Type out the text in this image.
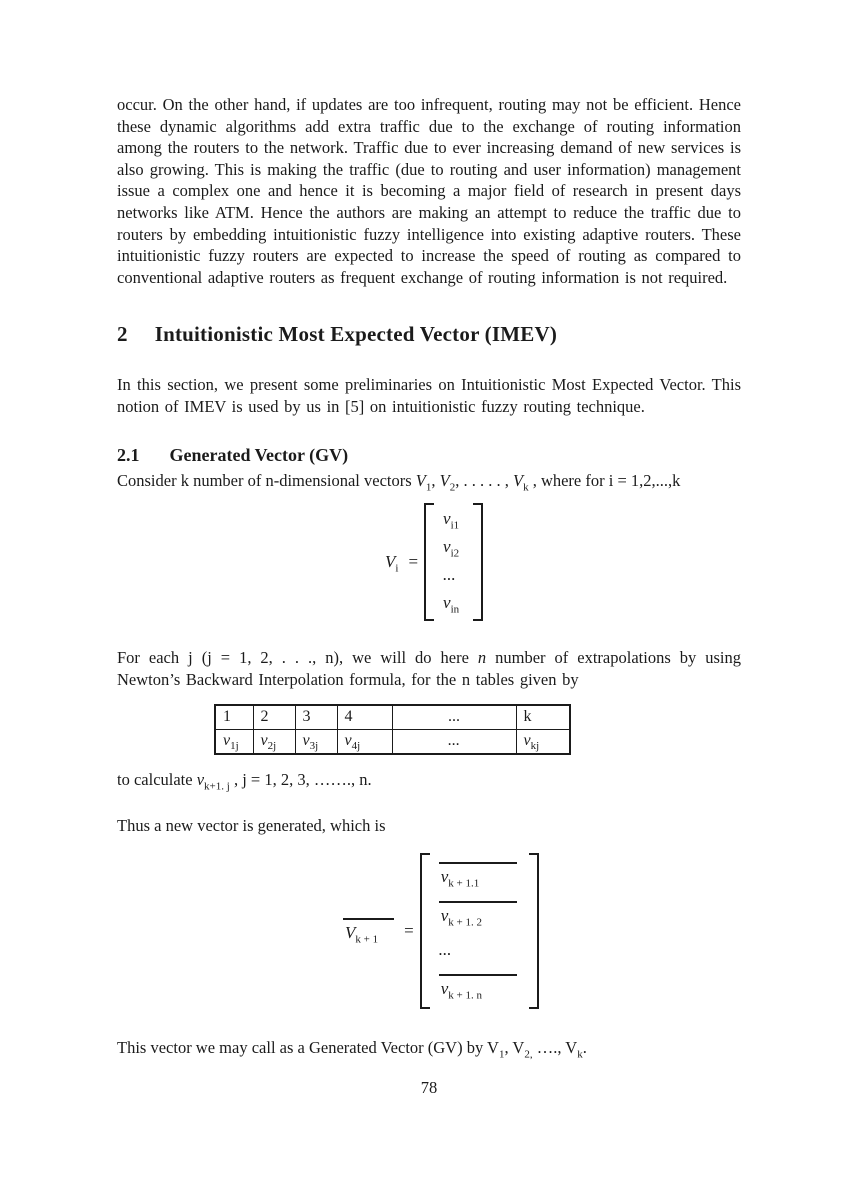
occur. On the other hand, if updates are too infrequent, routing may not be efficient. Hence these dynamic algorithms add extra traffic due to the exchange of routing information among the routers to the network. Traffic due to ever increasing demand of new services is also growing. This is making the traffic (due to routing and user information) management issue a complex one and hence it is becoming a major field of research in present days networks like ATM. Hence the authors are making an attempt to reduce the traffic due to routers by embedding intuitionistic fuzzy intelligence into existing adaptive routers. These intuitionistic fuzzy routers are expected to increase the speed of routing as compared to conventional adaptive routers as frequent exchange of routing information is not required.

2 Intuitionistic Most Expected Vector (IMEV)

In this section, we present some preliminaries on Intuitionistic Most Expected Vector. This notion of IMEV is used by us in [5] on intuitionistic fuzzy routing technique.

2.1 Generated Vector (GV)

Consider k number of n-dimensional vectors $V_1$, $V_2$, . . . . . , $V_k$ , where for i = 1,2,...,k

$V_i$ =
$v_{i1}$
$v_{i2}$
...
$v_{in}$

For each j (j = 1, 2, . . ., n), we will do here n number of extrapolations by using Newton’s Backward Interpolation formula, for the n tables given by

1	2	3	4	...	k
$v_{1j}$	$v_{2j}$	$v_{3j}$	$v_{4j}$	...	$v_{kj}$

to calculate $v_{k+1. j}$ , j = 1, 2, 3, ……., n.

Thus a new vector is generated, which is

$V_{k + 1}$	=
$v_{k + 1.1}$
$v_{k + 1. 2}$
...
$v_{k + 1. n}$

This vector we may call as a Generated Vector (GV) by $V_1$, $V_{2,}$ …., $V_k$.

78
